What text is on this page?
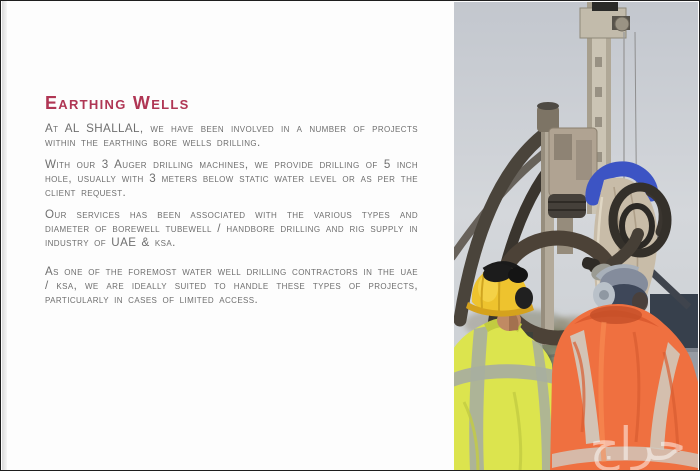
Earthing Wells

At AL SHALLAL, we have been involved in a number of projects within the earthing bore wells drilling.

With our 3 Auger drilling machines, we provide drilling of 5 inch hole, usually with 3 meters below static water level or as per the client request.

Our services has been associated with the various types and diameter of borewell tubewell / handbore drilling and rig supply in industry of UAE & ksa.

As one of the foremost water well drilling contractors in the uae / ksa, we are ideally suited to handle these types of projects, particularly in cases of limited access.

حراج
